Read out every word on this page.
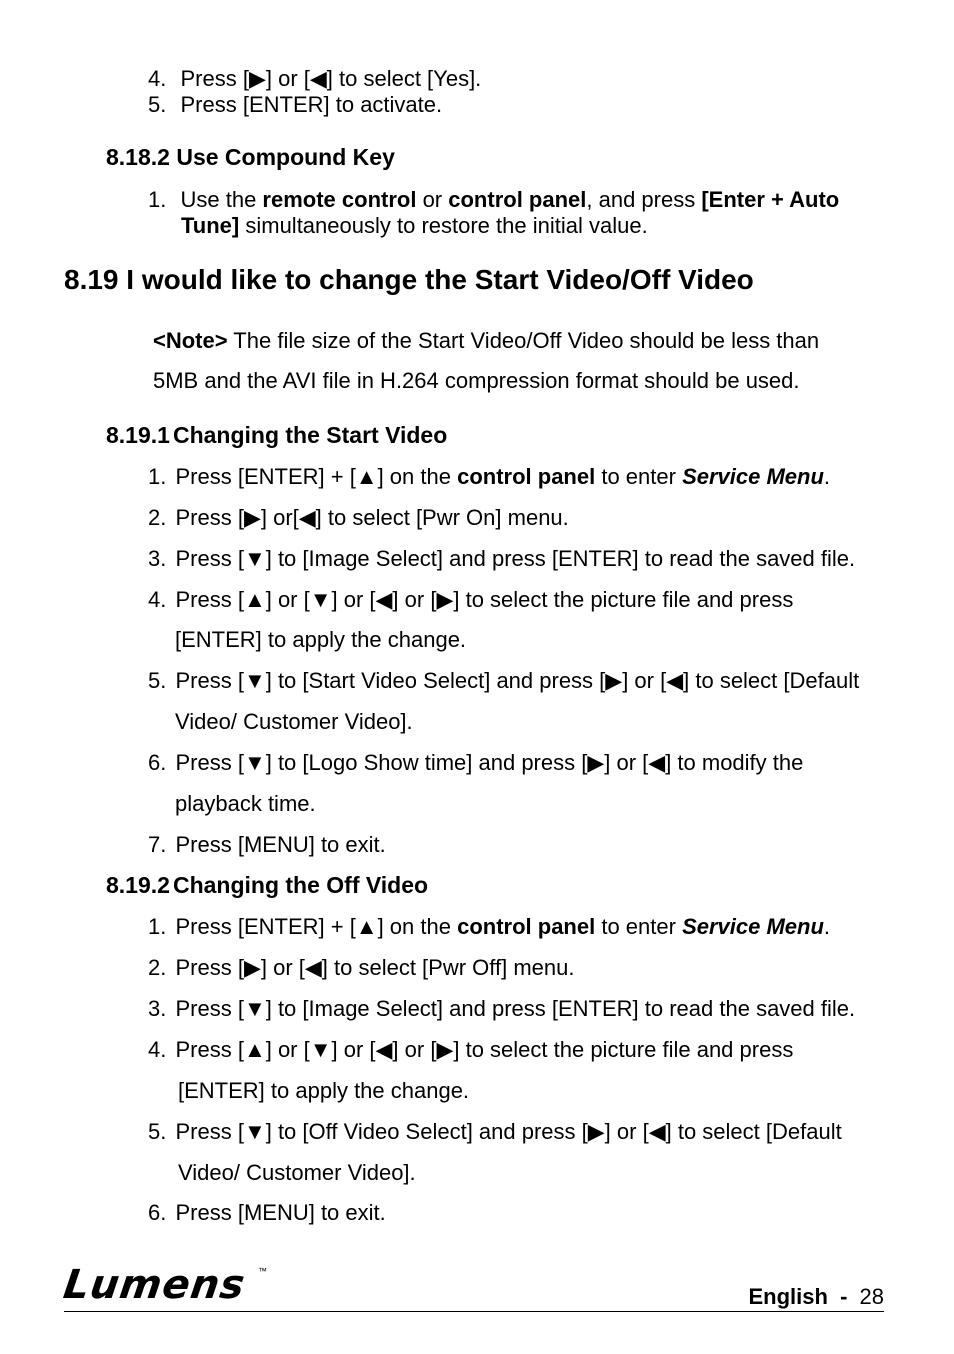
4. Press [▶] or [◀] to select [Yes].
5. Press [ENTER] to activate.
8.18.2 Use Compound Key
1. Use the remote control or control panel, and press [Enter + Auto
Tune] simultaneously to restore the initial value.
8.19 I would like to change the Start Video/Off Video
<Note> The file size of the Start Video/Off Video should be less than
5MB and the AVI file in H.264 compression format should be used.
8.19.1 Changing the Start Video
1. Press [ENTER] + [▲] on the control panel to enter Service Menu.
2. Press [▶] or[◀] to select [Pwr On] menu.
3. Press [▼] to [Image Select] and press [ENTER] to read the saved file.
4. Press [▲] or [▼] or [◀] or [▶] to select the picture file and press
[ENTER] to apply the change.
5. Press [▼] to [Start Video Select] and press [▶] or [◀] to select [Default
Video/ Customer Video].
6. Press [▼] to [Logo Show time] and press [▶] or [◀] to modify the
playback time.
7. Press [MENU] to exit.
8.19.2 Changing the Off Video
1. Press [ENTER] + [▲] on the control panel to enter Service Menu.
2. Press [▶] or [◀] to select [Pwr Off] menu.
3. Press [▼] to [Image Select] and press [ENTER] to read the saved file.
4. Press [▲] or [▼] or [◀] or [▶] to select the picture file and press
[ENTER] to apply the change.
5. Press [▼] to [Off Video Select] and press [▶] or [◀] to select [Default
Video/ Customer Video].
6. Press [MENU] to exit.
Lumens ™
English - 28
